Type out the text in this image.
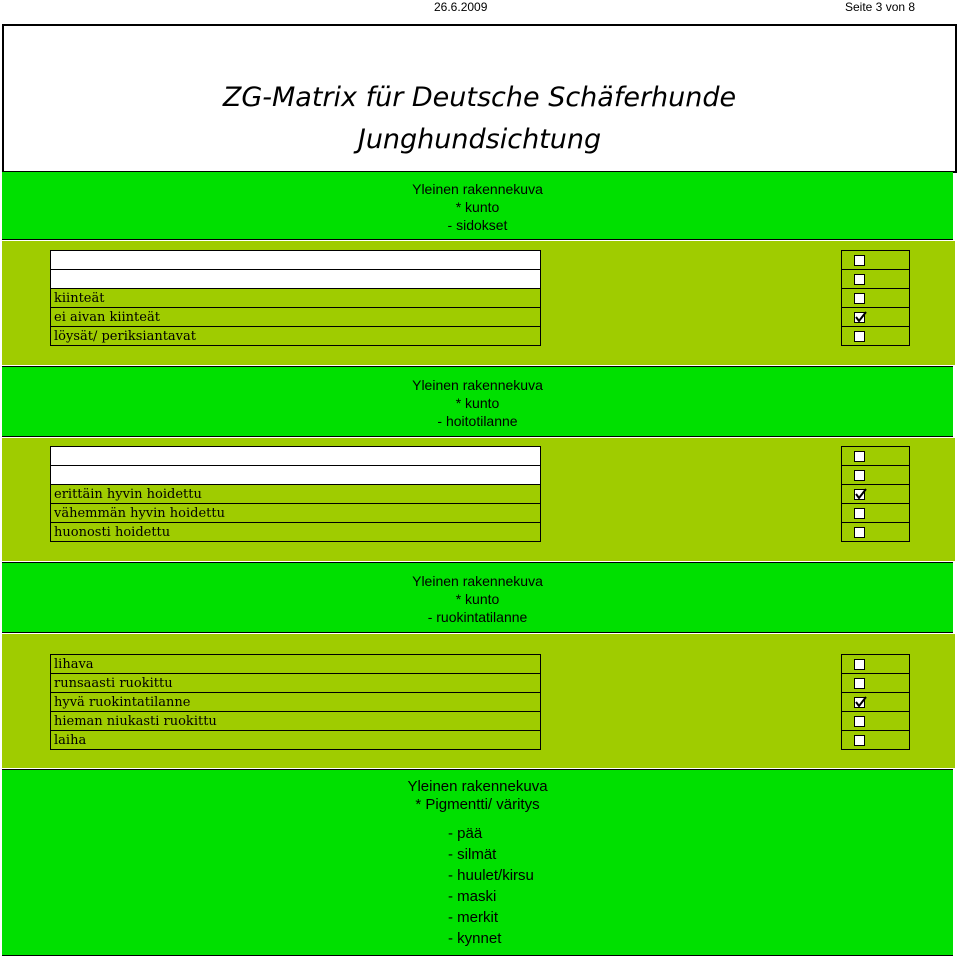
26.6.2009	Seite 3 von 8
ZG-Matrix für Deutsche Schäferhunde
Junghundsichtung
Yleinen rakennekuva
* kunto
- sidokset
kiinteät
ei aivan kiinteät
löysät/ periksiantavat
Yleinen rakennekuva
* kunto
- hoitotilanne
erittäin hyvin hoidettu
vähemmän hyvin hoidettu
huonosti hoidettu
Yleinen rakennekuva
* kunto
- ruokintatilanne
lihava
runsaasti ruokittu
hyvä ruokintatilanne
hieman niukasti ruokittu
laiha
Yleinen rakennekuva
* Pigmentti/ väritys
- pää
- silmät
- huulet/kirsu
- maski
- merkit
- kynnet
